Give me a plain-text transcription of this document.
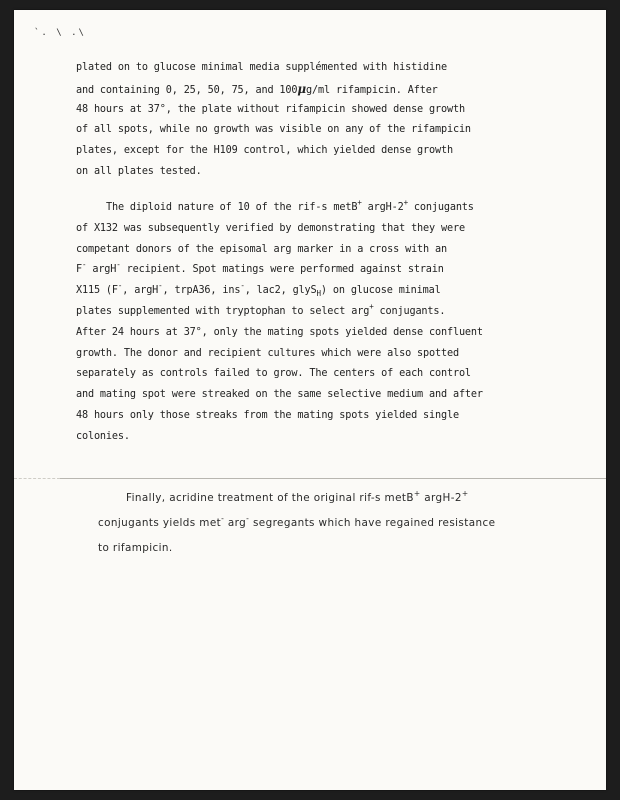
`. \ .\
plated on to glucose minimal media supplémented with histidine
and containing 0, 25, 50, 75, and 100μg/ml rifampicin. After
48 hours at 37°, the plate without rifampicin showed dense growth
of all spots, while no growth was visible on any of the rifampicin
plates, except for the H109 control, which yielded dense growth
on all plates tested.
The diploid nature of 10 of the rif-s metB+ argH-2+ conjugants
of X132 was subsequently verified by demonstrating that they were
competant donors of the episomal arg marker in a cross with an
F- argH- recipient. Spot matings were performed against strain
X115 (F-, argH-, trpA36, ins-, lac2, glyS$_H$) on glucose minimal
plates supplemented with tryptophan to select arg+ conjugants.
After 24 hours at 37°, only the mating spots yielded dense confluent
growth. The donor and recipient cultures which were also spotted
separately as controls failed to grow. The centers of each control
and mating spot were streaked on the same selective medium and after
48 hours only those streaks from the mating spots yielded single
colonies.
Finally, acridine treatment of the original rif-s metB+ argH-2+
conjugants yields met- arg- segregants which have regained resistance
to rifampicin.
